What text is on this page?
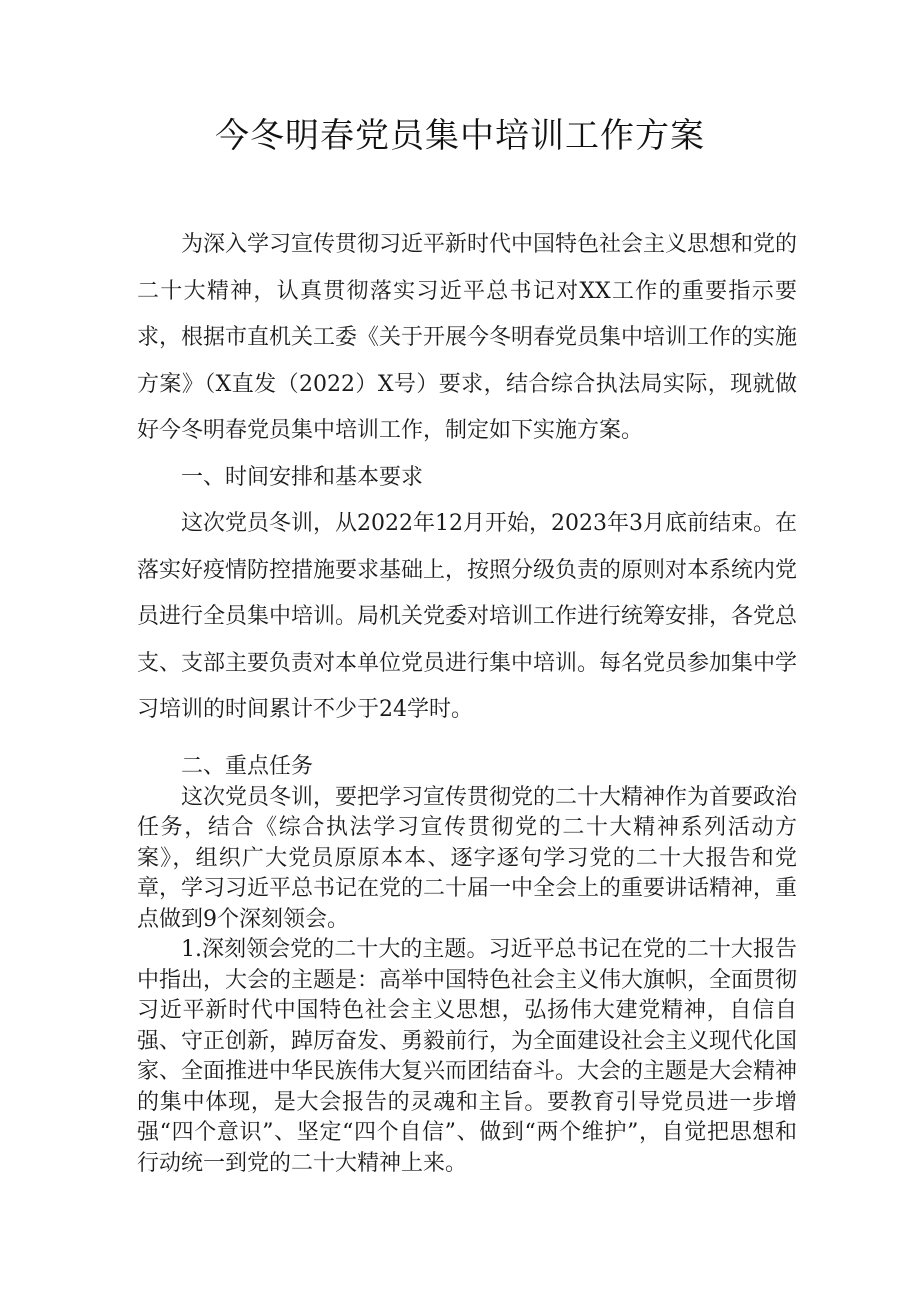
今冬明春党员集中培训工作方案

为深入学习宣传贯彻习近平新时代中国特色社会主义思想和党的二十大精神，认真贯彻落实习近平总书记对XX工作的重要指示要求，根据市直机关工委《关于开展今冬明春党员集中培训工作的实施方案》（X直发（2022）X号）要求，结合综合执法局实际，现就做好今冬明春党员集中培训工作，制定如下实施方案。

一、时间安排和基本要求

这次党员冬训，从2022年12月开始，2023年3月底前结束。在落实好疫情防控措施要求基础上，按照分级负责的原则对本系统内党员进行全员集中培训。局机关党委对培训工作进行统筹安排，各党总支、支部主要负责对本单位党员进行集中培训。每名党员参加集中学习培训的时间累计不少于24学时。

二、重点任务

这次党员冬训，要把学习宣传贯彻党的二十大精神作为首要政治任务，结合《综合执法学习宣传贯彻党的二十大精神系列活动方案》，组织广大党员原原本本、逐字逐句学习党的二十大报告和党章，学习习近平总书记在党的二十届一中全会上的重要讲话精神，重点做到9个深刻领会。

1.深刻领会党的二十大的主题。习近平总书记在党的二十大报告中指出，大会的主题是：高举中国特色社会主义伟大旗帜，全面贯彻习近平新时代中国特色社会主义思想，弘扬伟大建党精神，自信自强、守正创新，踔厉奋发、勇毅前行，为全面建设社会主义现代化国家、全面推进中华民族伟大复兴而团结奋斗。大会的主题是大会精神的集中体现，是大会报告的灵魂和主旨。要教育引导党员进一步增强“四个意识”、坚定“四个自信”、做到“两个维护”，自觉把思想和行动统一到党的二十大精神上来。
